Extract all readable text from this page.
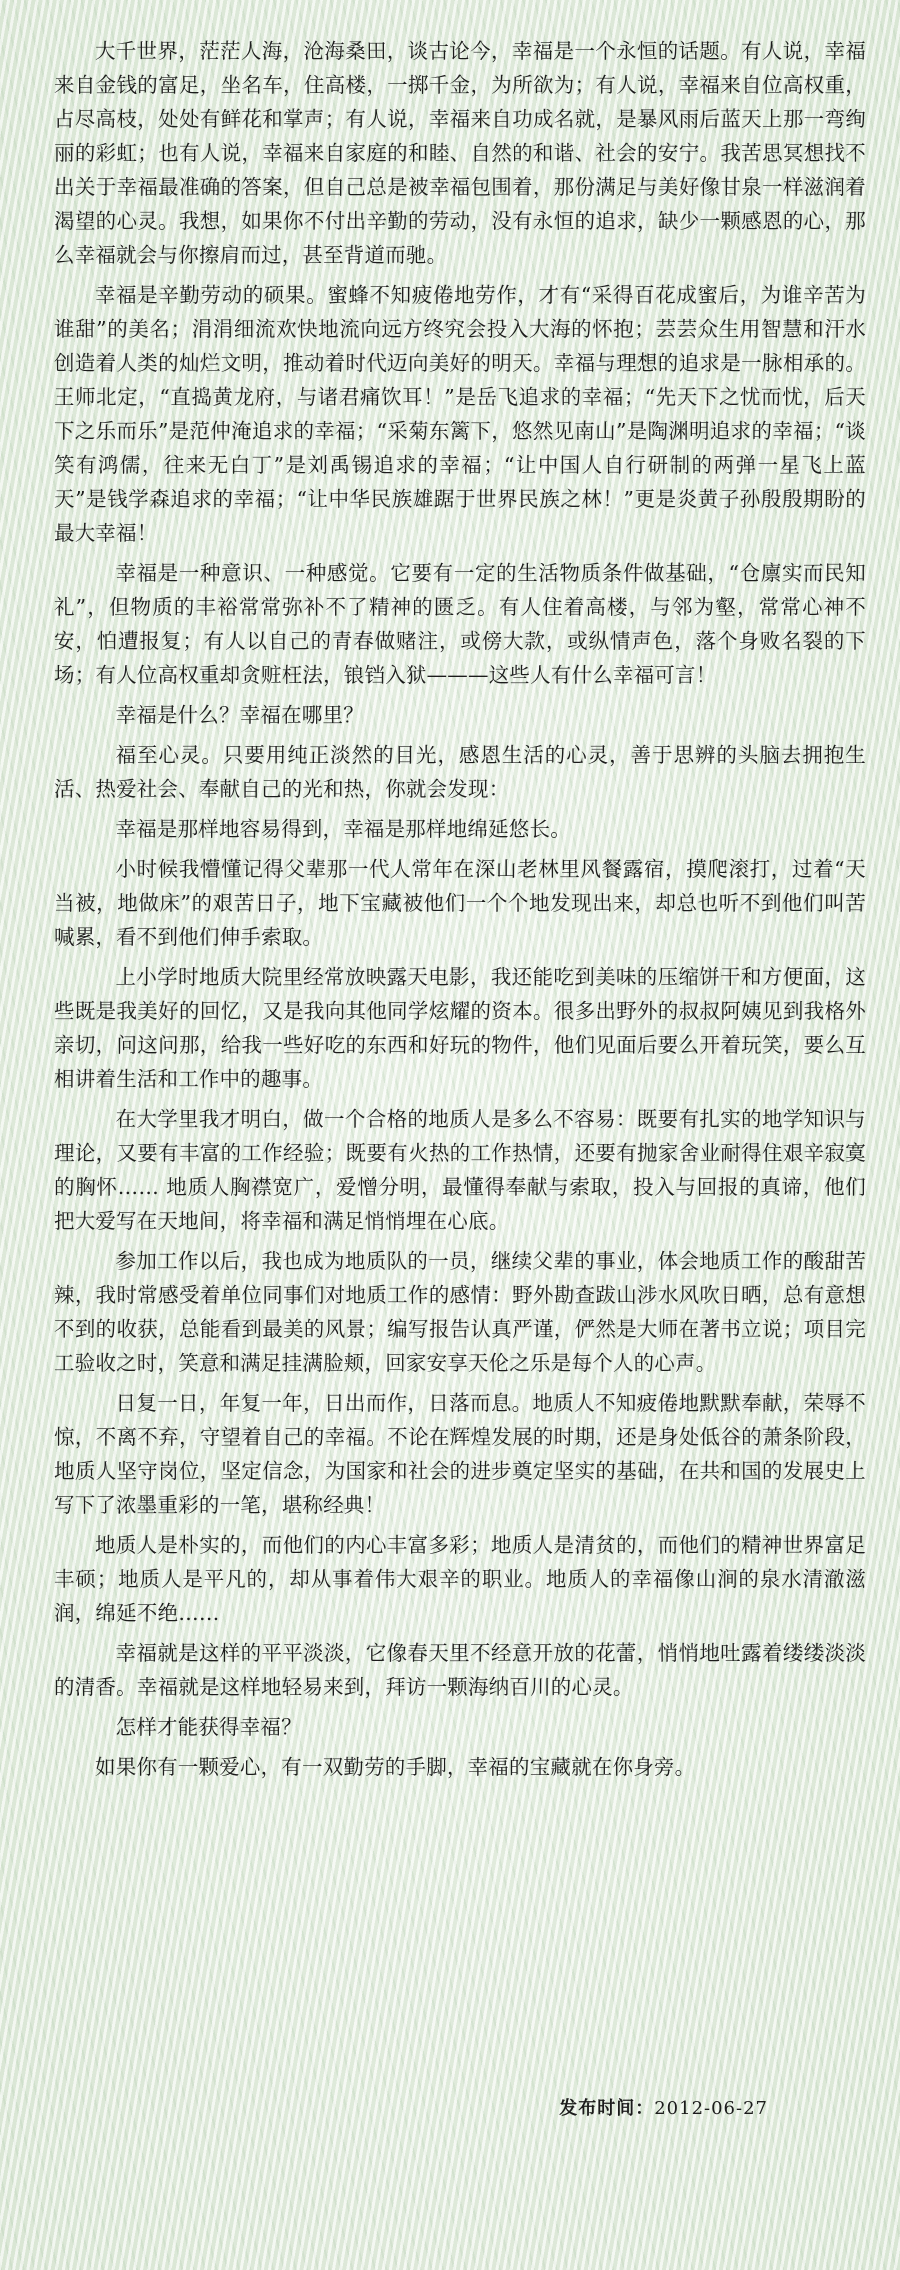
大千世界，茫茫人海，沧海桑田，谈古论今，幸福是一个永恒的话题。有人说，幸福来自金钱的富足，坐名车，住高楼，一掷千金，为所欲为；有人说，幸福来自位高权重，占尽高枝，处处有鲜花和掌声；有人说，幸福来自功成名就，是暴风雨后蓝天上那一弯绚丽的彩虹；也有人说，幸福来自家庭的和睦、自然的和谐、社会的安宁。我苦思冥想找不出关于幸福最准确的答案，但自己总是被幸福包围着，那份满足与美好像甘泉一样滋润着渴望的心灵。我想，如果你不付出辛勤的劳动，没有永恒的追求，缺少一颗感恩的心，那么幸福就会与你擦肩而过，甚至背道而驰。

幸福是辛勤劳动的硕果。蜜蜂不知疲倦地劳作，才有“采得百花成蜜后，为谁辛苦为谁甜”的美名；涓涓细流欢快地流向远方终究会投入大海的怀抱；芸芸众生用智慧和汗水创造着人类的灿烂文明，推动着时代迈向美好的明天。幸福与理想的追求是一脉相承的。王师北定，“直捣黄龙府，与诸君痛饮耳！”是岳飞追求的幸福；“先天下之忧而忧，后天下之乐而乐”是范仲淹追求的幸福；“采菊东篱下，悠然见南山”是陶渊明追求的幸福；“谈笑有鸿儒，往来无白丁”是刘禹锡追求的幸福；“让中国人自行研制的两弹一星飞上蓝天”是钱学森追求的幸福；“让中华民族雄踞于世界民族之林！”更是炎黄子孙殷殷期盼的最大幸福！

幸福是一种意识、一种感觉。它要有一定的生活物质条件做基础，“仓廪实而民知礼”，但物质的丰裕常常弥补不了精神的匮乏。有人住着高楼，与邻为壑，常常心神不安，怕遭报复；有人以自己的青春做赌注，或傍大款，或纵情声色，落个身败名裂的下场；有人位高权重却贪赃枉法，锒铛入狱———这些人有什么幸福可言！

幸福是什么？幸福在哪里？

福至心灵。只要用纯正淡然的目光，感恩生活的心灵，善于思辨的头脑去拥抱生活、热爱社会、奉献自己的光和热，你就会发现：

幸福是那样地容易得到，幸福是那样地绵延悠长。

小时候我懵懂记得父辈那一代人常年在深山老林里风餐露宿，摸爬滚打，过着“天当被，地做床”的艰苦日子，地下宝藏被他们一个个地发现出来，却总也听不到他们叫苦喊累，看不到他们伸手索取。

上小学时地质大院里经常放映露天电影，我还能吃到美味的压缩饼干和方便面，这些既是我美好的回忆，又是我向其他同学炫耀的资本。很多出野外的叔叔阿姨见到我格外亲切，问这问那，给我一些好吃的东西和好玩的物件，他们见面后要么开着玩笑，要么互相讲着生活和工作中的趣事。

在大学里我才明白，做一个合格的地质人是多么不容易：既要有扎实的地学知识与理论，又要有丰富的工作经验；既要有火热的工作热情，还要有抛家舍业耐得住艰辛寂寞的胸怀…… 地质人胸襟宽广，爱憎分明，最懂得奉献与索取，投入与回报的真谛，他们把大爱写在天地间，将幸福和满足悄悄埋在心底。

参加工作以后，我也成为地质队的一员，继续父辈的事业，体会地质工作的酸甜苦辣，我时常感受着单位同事们对地质工作的感情：野外勘查跋山涉水风吹日晒，总有意想不到的收获，总能看到最美的风景；编写报告认真严谨，俨然是大师在著书立说；项目完工验收之时，笑意和满足挂满脸颊，回家安享天伦之乐是每个人的心声。

日复一日，年复一年，日出而作，日落而息。地质人不知疲倦地默默奉献，荣辱不惊，不离不弃，守望着自己的幸福。不论在辉煌发展的时期，还是身处低谷的萧条阶段，地质人坚守岗位，坚定信念，为国家和社会的进步奠定坚实的基础，在共和国的发展史上写下了浓墨重彩的一笔，堪称经典！

地质人是朴实的，而他们的内心丰富多彩；地质人是清贫的，而他们的精神世界富足丰硕；地质人是平凡的，却从事着伟大艰辛的职业。地质人的幸福像山涧的泉水清澈滋润，绵延不绝……

幸福就是这样的平平淡淡，它像春天里不经意开放的花蕾，悄悄地吐露着缕缕淡淡的清香。幸福就是这样地轻易来到，拜访一颗海纳百川的心灵。

怎样才能获得幸福？

如果你有一颗爱心，有一双勤劳的手脚，幸福的宝藏就在你身旁。

发布时间：2012-06-27
